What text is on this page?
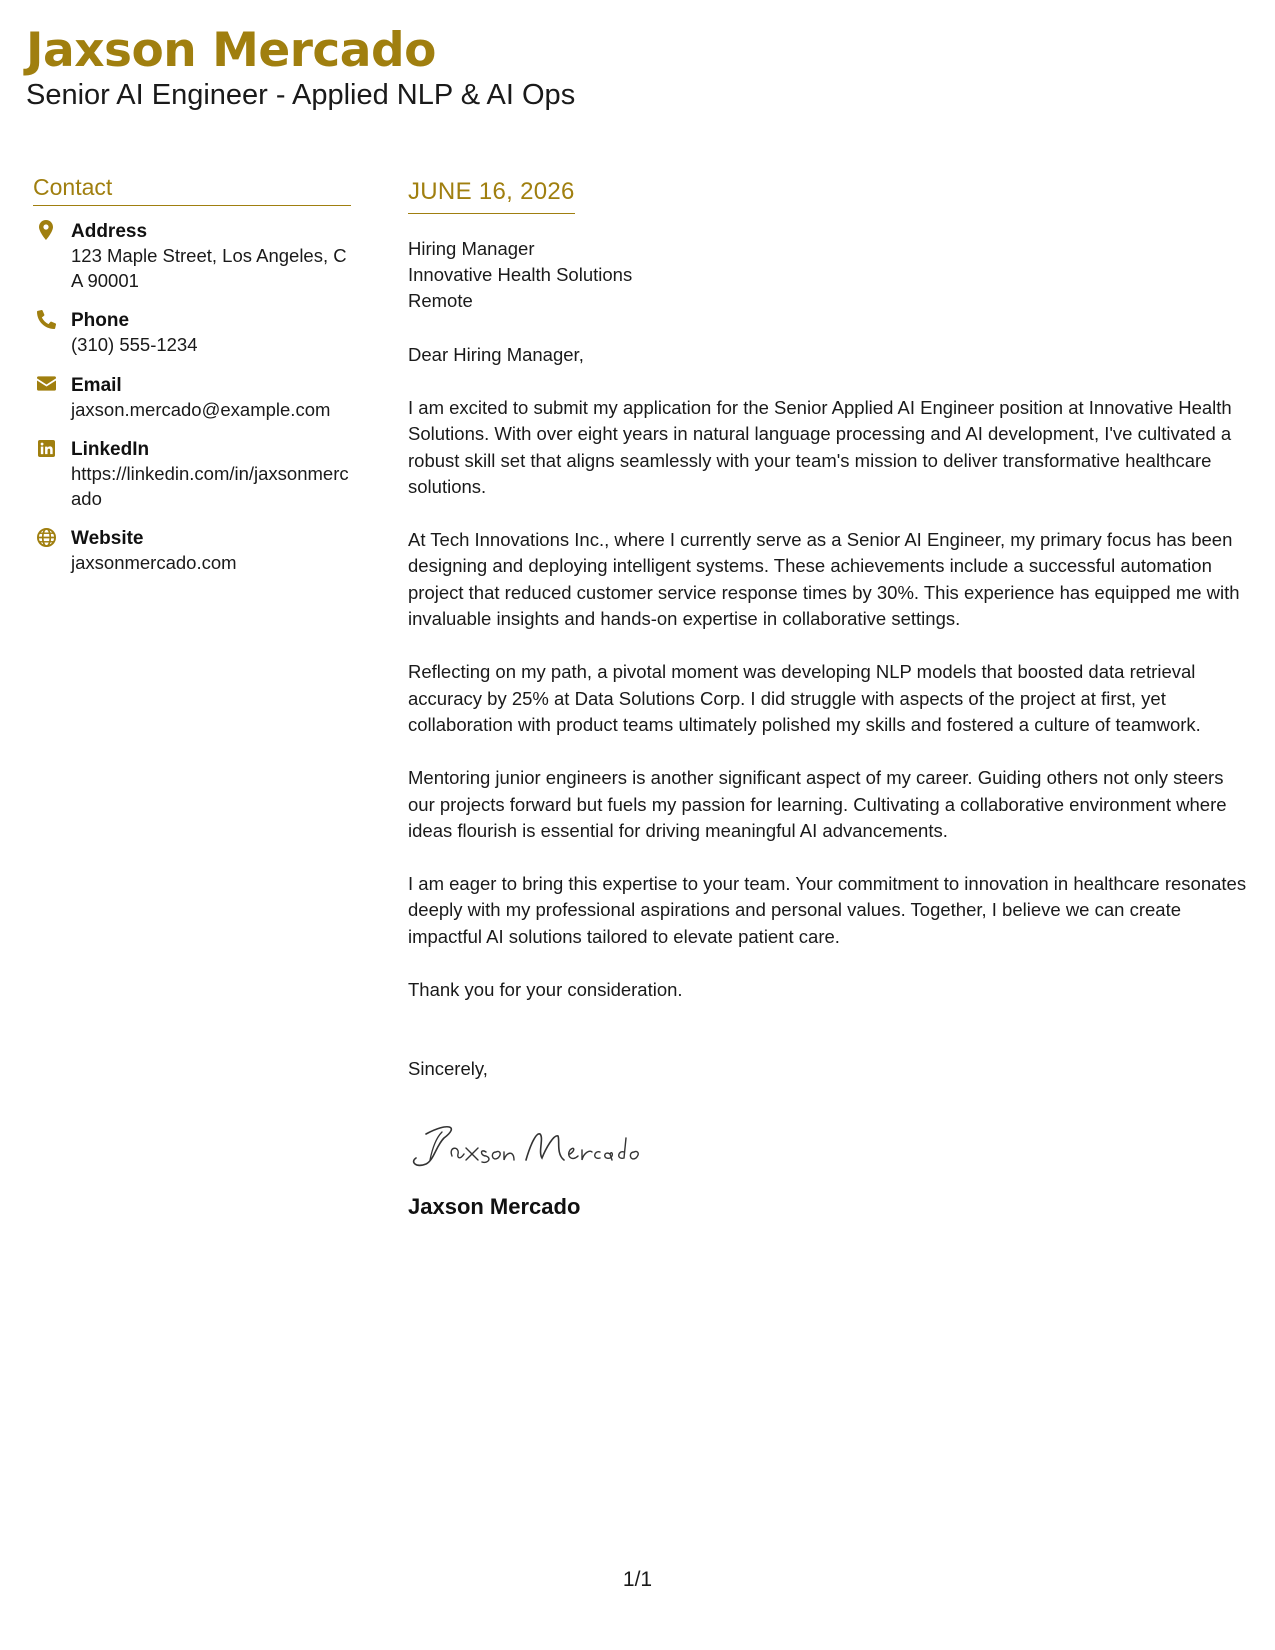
Jaxson Mercado
Senior AI Engineer - Applied NLP & AI Ops
Contact
Address
123 Maple Street, Los Angeles, CA 90001
Phone
(310) 555-1234
Email
jaxson.mercado@example.com
LinkedIn
https://linkedin.com/in/jaxsonmercado
Website
jaxsonmercado.com
JUNE 16, 2026
Hiring Manager
Innovative Health Solutions
Remote
Dear Hiring Manager,
I am excited to submit my application for the Senior Applied AI Engineer position at Innovative Health Solutions. With over eight years in natural language processing and AI development, I've cultivated a robust skill set that aligns seamlessly with your team's mission to deliver transformative healthcare solutions.
At Tech Innovations Inc., where I currently serve as a Senior AI Engineer, my primary focus has been designing and deploying intelligent systems. These achievements include a successful automation project that reduced customer service response times by 30%. This experience has equipped me with invaluable insights and hands-on expertise in collaborative settings.
Reflecting on my path, a pivotal moment was developing NLP models that boosted data retrieval accuracy by 25% at Data Solutions Corp. I did struggle with aspects of the project at first, yet collaboration with product teams ultimately polished my skills and fostered a culture of teamwork.
Mentoring junior engineers is another significant aspect of my career. Guiding others not only steers our projects forward but fuels my passion for learning. Cultivating a collaborative environment where ideas flourish is essential for driving meaningful AI advancements.
I am eager to bring this expertise to your team. Your commitment to innovation in healthcare resonates deeply with my professional aspirations and personal values. Together, I believe we can create impactful AI solutions tailored to elevate patient care.
Thank you for your consideration.
Sincerely,
Jaxson Mercado
1/1
